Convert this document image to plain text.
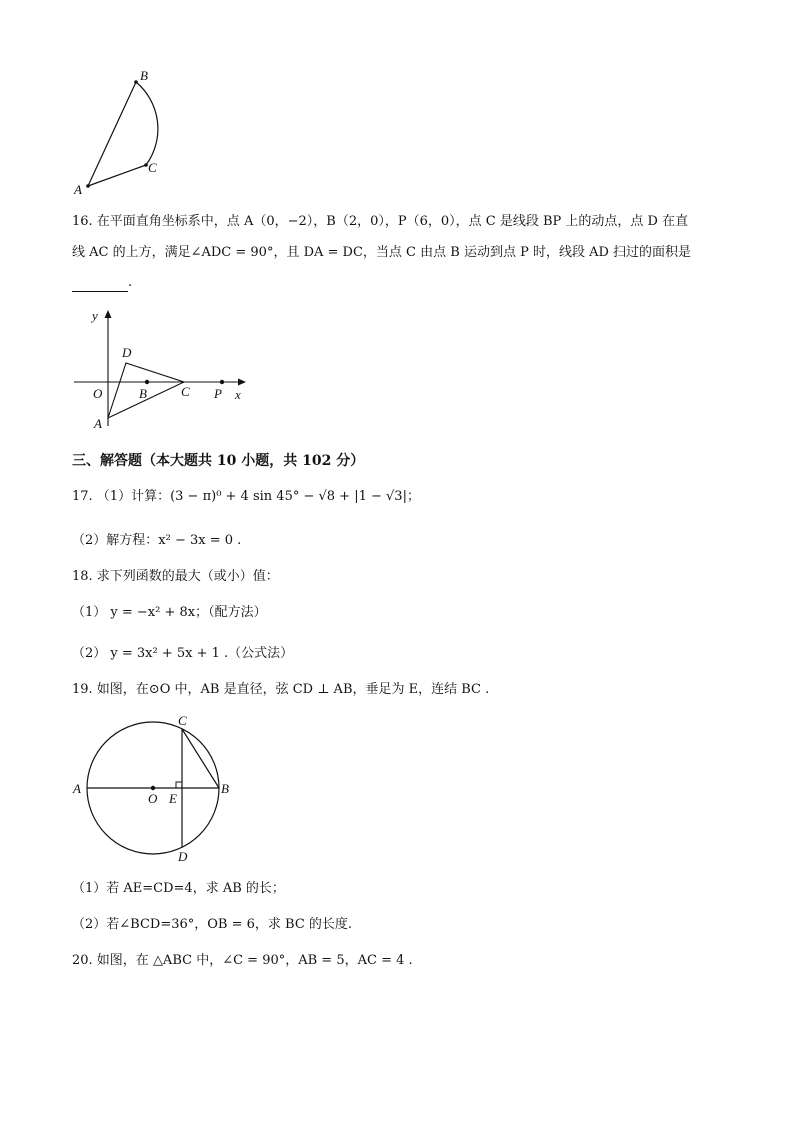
B
C
A
16. 在平面直角坐标系中，点 A（0，−2），B（2，0），P（6，0），点 C 是线段 BP 上的动点，点 D 在直
线 AC 的上方，满足∠ADC = 90°，且 DA = DC，当点 C 由点 B 运动到点 P 时，线段 AD 扫过的面积是
.
y
D
O	B	C P x
A
三、解答题（本大题共 10 小题，共 102 分）
17. （1）计算：(3 − π)⁰ + 4 sin 45° − √8 + |1 − √3|；
（2）解方程：x² − 3x = 0 .
18. 求下列函数的最大（或小）值：
（1） y = −x² + 8x；（配方法）
（2） y = 3x² + 5x + 1 .（公式法）
19. 如图，在⊙O 中，AB 是直径，弦 CD ⊥ AB，垂足为 E，连结 BC .
C
A	B
O E
D
（1）若 AE=CD=4，求 AB 的长；
（2）若∠BCD=36°，OB = 6，求 BC 的长度.
20. 如图，在 △ABC 中，∠C = 90°，AB = 5，AC = 4 .
